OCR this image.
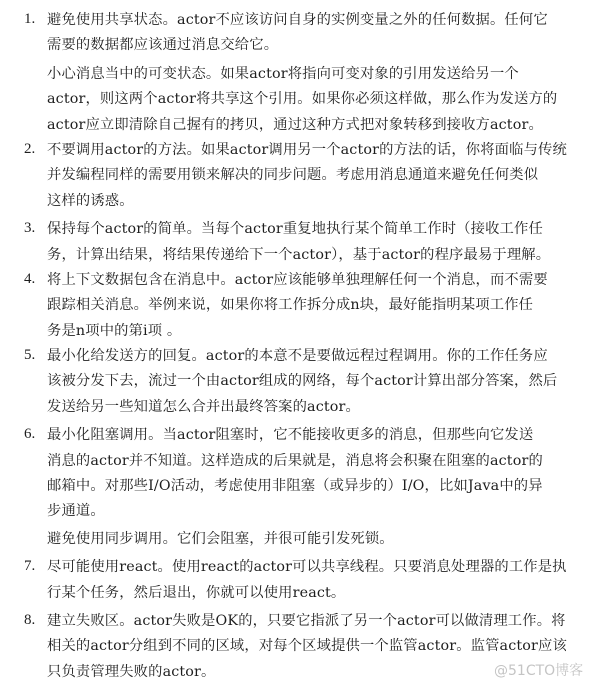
1. 避免使用共享状态。actor不应该访问自身的实例变量之外的任何数据。任何它
需要的数据都应该通过消息交给它。
小心消息当中的可变状态。如果actor将指向可变对象的引用发送给另一个
actor，则这两个actor将共享这个引用。如果你必须这样做，那么作为发送方的
actor应立即清除自己握有的拷贝，通过这种方式把对象转移到接收方actor。
2. 不要调用actor的方法。如果actor调用另一个actor的方法的话，你将面临与传统
并发编程同样的需要用锁来解决的同步问题。考虑用消息通道来避免任何类似
这样的诱惑。
3. 保持每个actor的简单。当每个actor重复地执行某个简单工作时（接收工作任
务，计算出结果，将结果传递给下一个actor），基于actor的程序最易于理解。
4. 将上下文数据包含在消息中。actor应该能够单独理解任何一个消息，而不需要
跟踪相关消息。举例来说，如果你将工作拆分成n块，最好能指明某项工作任
务是n项中的第i项 。
5. 最小化给发送方的回复。actor的本意不是要做远程过程调用。你的工作任务应
该被分发下去，流过一个由actor组成的网络，每个actor计算出部分答案，然后
发送给另一些知道怎么合并出最终答案的actor。
6. 最小化阻塞调用。当actor阻塞时，它不能接收更多的消息，但那些向它发送
消息的actor并不知道。这样造成的后果就是，消息将会积聚在阻塞的actor的
邮箱中。对那些I/O活动，考虑使用非阻塞（或异步的）I/O，比如Java中的异
步通道。
避免使用同步调用。它们会阻塞，并很可能引发死锁。
7. 尽可能使用react。使用react的actor可以共享线程。只要消息处理器的工作是执
行某个任务，然后退出，你就可以使用react。
8. 建立失败区。actor失败是OK的，只要它指派了另一个actor可以做清理工作。将
相关的actor分组到不同的区域，对每个区域提供一个监管actor。监管actor应该
只负责管理失败的actor。	@51CTO博客
